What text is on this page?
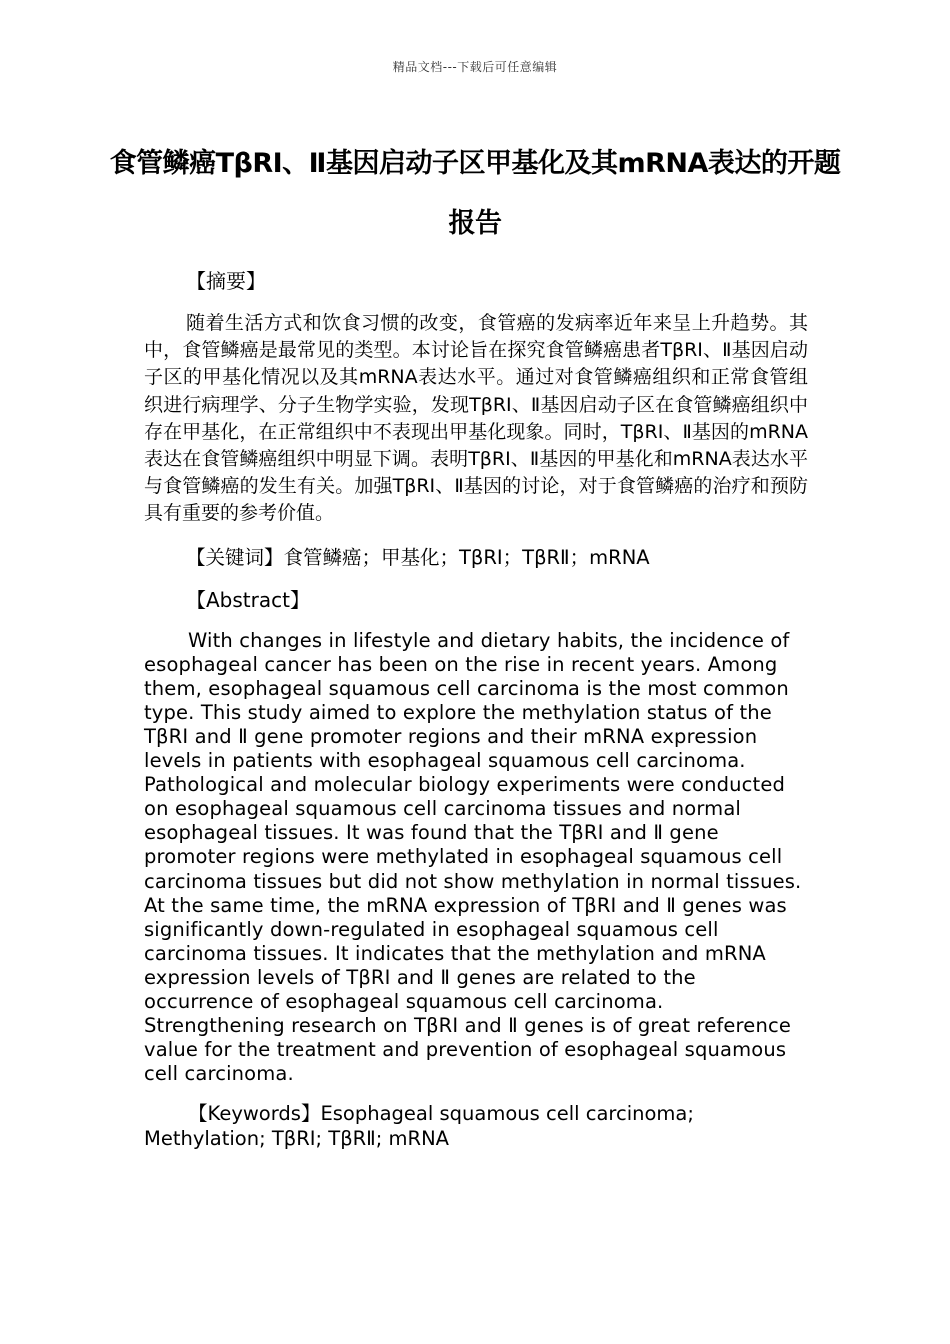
精品文档---下载后可任意编辑
食管鳞癌TβRⅠ、Ⅱ基因启动子区甲基化及其mRNA表达的开题报告

【摘要】

随着生活方式和饮食习惯的改变，食管癌的发病率近年来呈上升趋势。其中，食管鳞癌是最常见的类型。本讨论旨在探究食管鳞癌患者TβRI、Ⅱ基因启动子区的甲基化情况以及其mRNA表达水平。通过对食管鳞癌组织和正常食管组织进行病理学、分子生物学实验，发现TβRI、Ⅱ基因启动子区在食管鳞癌组织中存在甲基化，在正常组织中不表现出甲基化现象。同时，TβRI、Ⅱ基因的mRNA表达在食管鳞癌组织中明显下调。表明TβRI、Ⅱ基因的甲基化和mRNA表达水平与食管鳞癌的发生有关。加强TβRI、Ⅱ基因的讨论，对于食管鳞癌的治疗和预防具有重要的参考价值。

【关键词】食管鳞癌；甲基化；TβRI；TβRⅡ；mRNA

【Abstract】

With changes in lifestyle and dietary habits, the incidence of esophageal cancer has been on the rise in recent years. Among them, esophageal squamous cell carcinoma is the most common type. This study aimed to explore the methylation status of the TβRI and Ⅱ gene promoter regions and their mRNA expression levels in patients with esophageal squamous cell carcinoma. Pathological and molecular biology experiments were conducted on esophageal squamous cell carcinoma tissues and normal esophageal tissues. It was found that the TβRI and Ⅱ gene promoter regions were methylated in esophageal squamous cell carcinoma tissues but did not show methylation in normal tissues. At the same time, the mRNA expression of TβRI and Ⅱ genes was significantly down-regulated in esophageal squamous cell carcinoma tissues. It indicates that the methylation and mRNA expression levels of TβRI and Ⅱ genes are related to the occurrence of esophageal squamous cell carcinoma. Strengthening research on TβRI and Ⅱ genes is of great reference value for the treatment and prevention of esophageal squamous cell carcinoma.

【Keywords】Esophageal squamous cell carcinoma; Methylation; TβRI; TβRⅡ; mRNA
